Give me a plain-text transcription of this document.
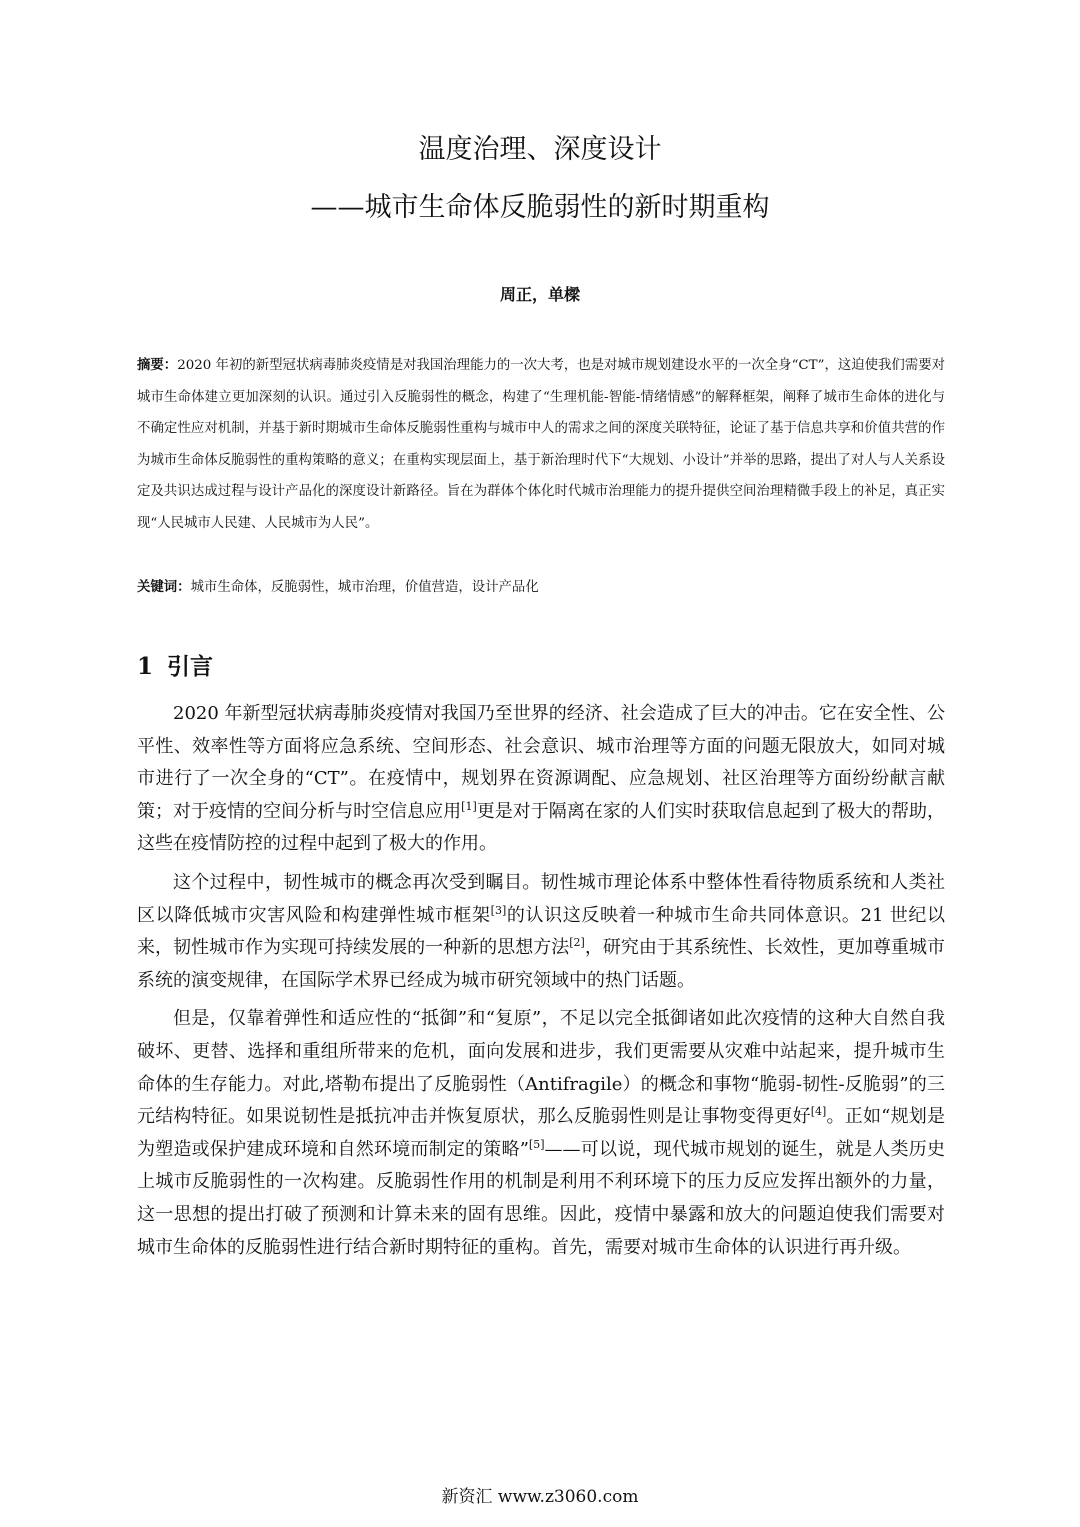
温度治理、深度设计
——城市生命体反脆弱性的新时期重构
周正，单樑

摘要：2020 年初的新型冠状病毒肺炎疫情是对我国治理能力的一次大考，也是对城市规划建设水平的一次全身“CT”，这迫使我们需要对城市生命体建立更加深刻的认识。通过引入反脆弱性的概念，构建了“生理机能-智能-情绪情感”的解释框架，阐释了城市生命体的进化与不确定性应对机制，并基于新时期城市生命体反脆弱性重构与城市中人的需求之间的深度关联特征，论证了基于信息共享和价值共营的作为城市生命体反脆弱性的重构策略的意义；在重构实现层面上，基于新治理时代下“大规划、小设计”并举的思路，提出了对人与人关系设定及共识达成过程与设计产品化的深度设计新路径。旨在为群体个体化时代城市治理能力的提升提供空间治理精微手段上的补足，真正实现“人民城市人民建、人民城市为人民”。

关键词：城市生命体，反脆弱性，城市治理，价值营造，设计产品化

1 引言

2020 年新型冠状病毒肺炎疫情对我国乃至世界的经济、社会造成了巨大的冲击。它在安全性、公平性、效率性等方面将应急系统、空间形态、社会意识、城市治理等方面的问题无限放大，如同对城市进行了一次全身的“CT”。在疫情中，规划界在资源调配、应急规划、社区治理等方面纷纷献言献策；对于疫情的空间分析与时空信息应用[1]更是对于隔离在家的人们实时获取信息起到了极大的帮助，这些在疫情防控的过程中起到了极大的作用。

这个过程中，韧性城市的概念再次受到瞩目。韧性城市理论体系中整体性看待物质系统和人类社区以降低城市灾害风险和构建弹性城市框架[3]的认识这反映着一种城市生命共同体意识。21 世纪以来，韧性城市作为实现可持续发展的一种新的思想方法[2]，研究由于其系统性、长效性，更加尊重城市系统的演变规律，在国际学术界已经成为城市研究领域中的热门话题。

但是，仅靠着弹性和适应性的“抵御”和“复原”，不足以完全抵御诸如此次疫情的这种大自然自我破坏、更替、选择和重组所带来的危机，面向发展和进步，我们更需要从灾难中站起来，提升城市生命体的生存能力。对此,塔勒布提出了反脆弱性（Antifragile）的概念和事物“脆弱-韧性-反脆弱”的三元结构特征。如果说韧性是抵抗冲击并恢复原状，那么反脆弱性则是让事物变得更好[4]。正如“规划是为塑造或保护建成环境和自然环境而制定的策略”[5]——可以说，现代城市规划的诞生，就是人类历史上城市反脆弱性的一次构建。反脆弱性作用的机制是利用不利环境下的压力反应发挥出额外的力量，这一思想的提出打破了预测和计算未来的固有思维。因此，疫情中暴露和放大的问题迫使我们需要对城市生命体的反脆弱性进行结合新时期特征的重构。首先，需要对城市生命体的认识进行再升级。

新资汇 www.z3060.com
